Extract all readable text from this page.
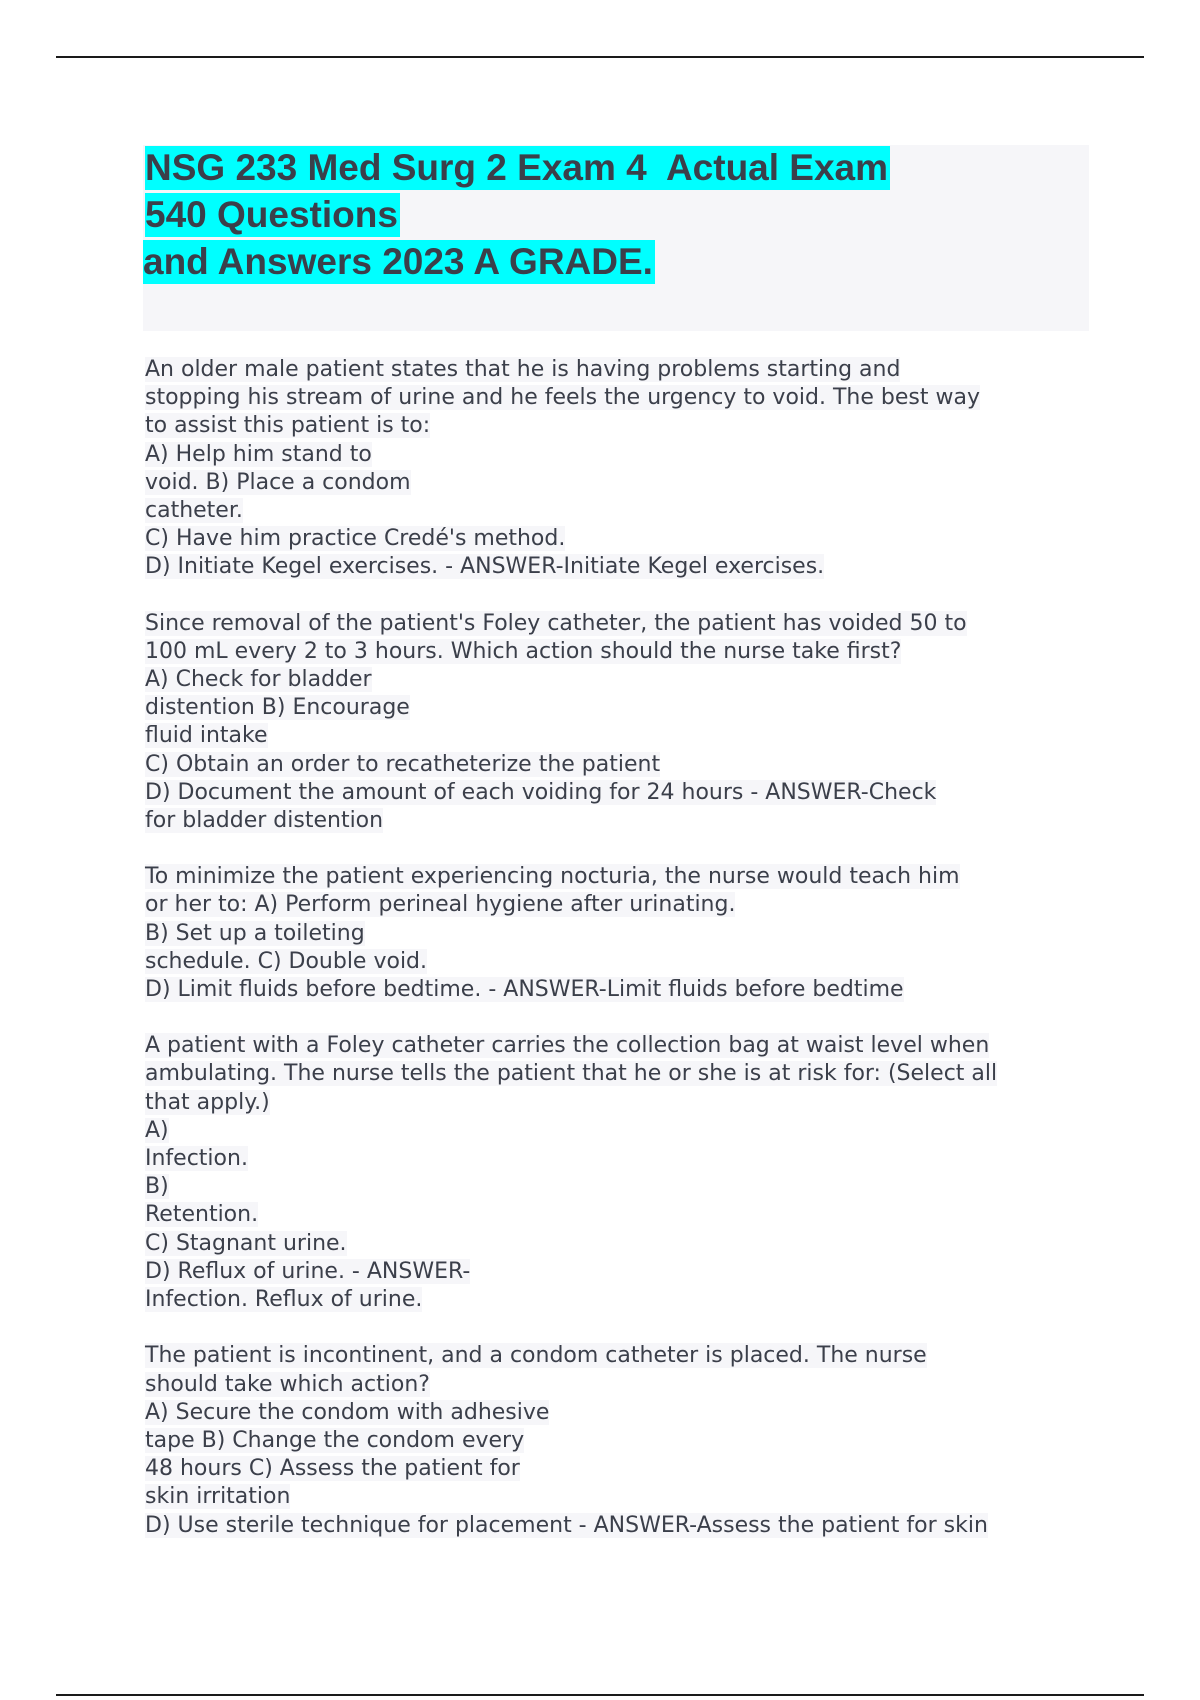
NSG 233 Med Surg 2 Exam 4  Actual Exam
540 Questions
and Answers 2023 A GRADE.
An older male patient states that he is having problems starting and
stopping his stream of urine and he feels the urgency to void. The best way
to assist this patient is to:
A) Help him stand to
void. B) Place a condom
catheter.
C) Have him practice Credé's method.
D) Initiate Kegel exercises. - ANSWER-Initiate Kegel exercises.
Since removal of the patient's Foley catheter, the patient has voided 50 to
100 mL every 2 to 3 hours. Which action should the nurse take first?
A) Check for bladder
distention B) Encourage
fluid intake
C) Obtain an order to recatheterize the patient
D) Document the amount of each voiding for 24 hours - ANSWER-Check
for bladder distention
To minimize the patient experiencing nocturia, the nurse would teach him
or her to: A) Perform perineal hygiene after urinating.
B) Set up a toileting
schedule. C) Double void.
D) Limit fluids before bedtime. - ANSWER-Limit fluids before bedtime
A patient with a Foley catheter carries the collection bag at waist level when
ambulating. The nurse tells the patient that he or she is at risk for: (Select all
that apply.)
A)
Infection.
B)
Retention.
C) Stagnant urine.
D) Reflux of urine. - ANSWER-
Infection. Reflux of urine.
The patient is incontinent, and a condom catheter is placed. The nurse
should take which action?
A) Secure the condom with adhesive
tape B) Change the condom every
48 hours C) Assess the patient for
skin irritation
D) Use sterile technique for placement - ANSWER-Assess the patient for skin
